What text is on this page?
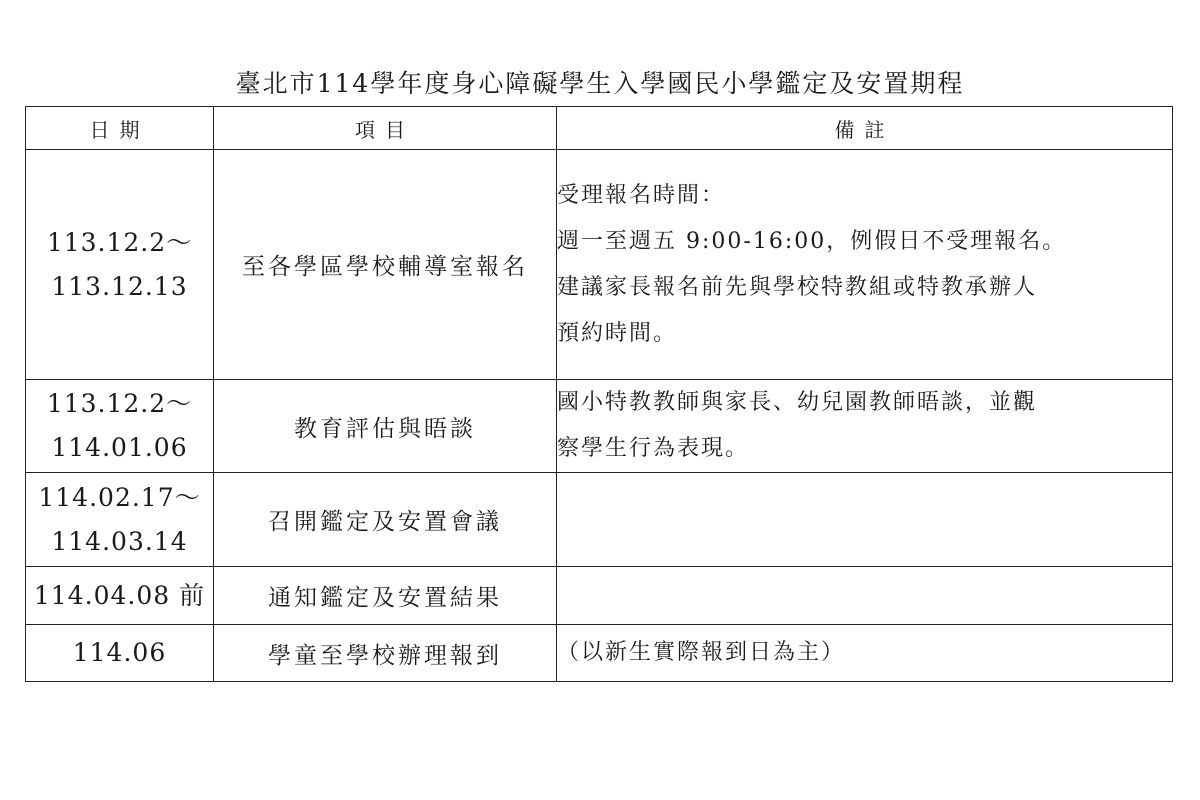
臺北市114學年度身心障礙學生入學國民小學鑑定及安置期程
日期	項目	備註

113.12.2～
113.12.13	至各學區學校輔導室報名	受理報名時間：
週一至週五 9:00-16:00，例假日不受理報名。
建議家長報名前先與學校特教組或特教承辦人
預約時間。

113.12.2～
114.01.06	教育評估與晤談	國小特教教師與家長、幼兒園教師晤談，並觀
察學生行為表現。

114.02.17～
114.03.14	召開鑑定及安置會議	

114.04.08 前	通知鑑定及安置結果	

114.06	學童至學校辦理報到	（以新生實際報到日為主）
